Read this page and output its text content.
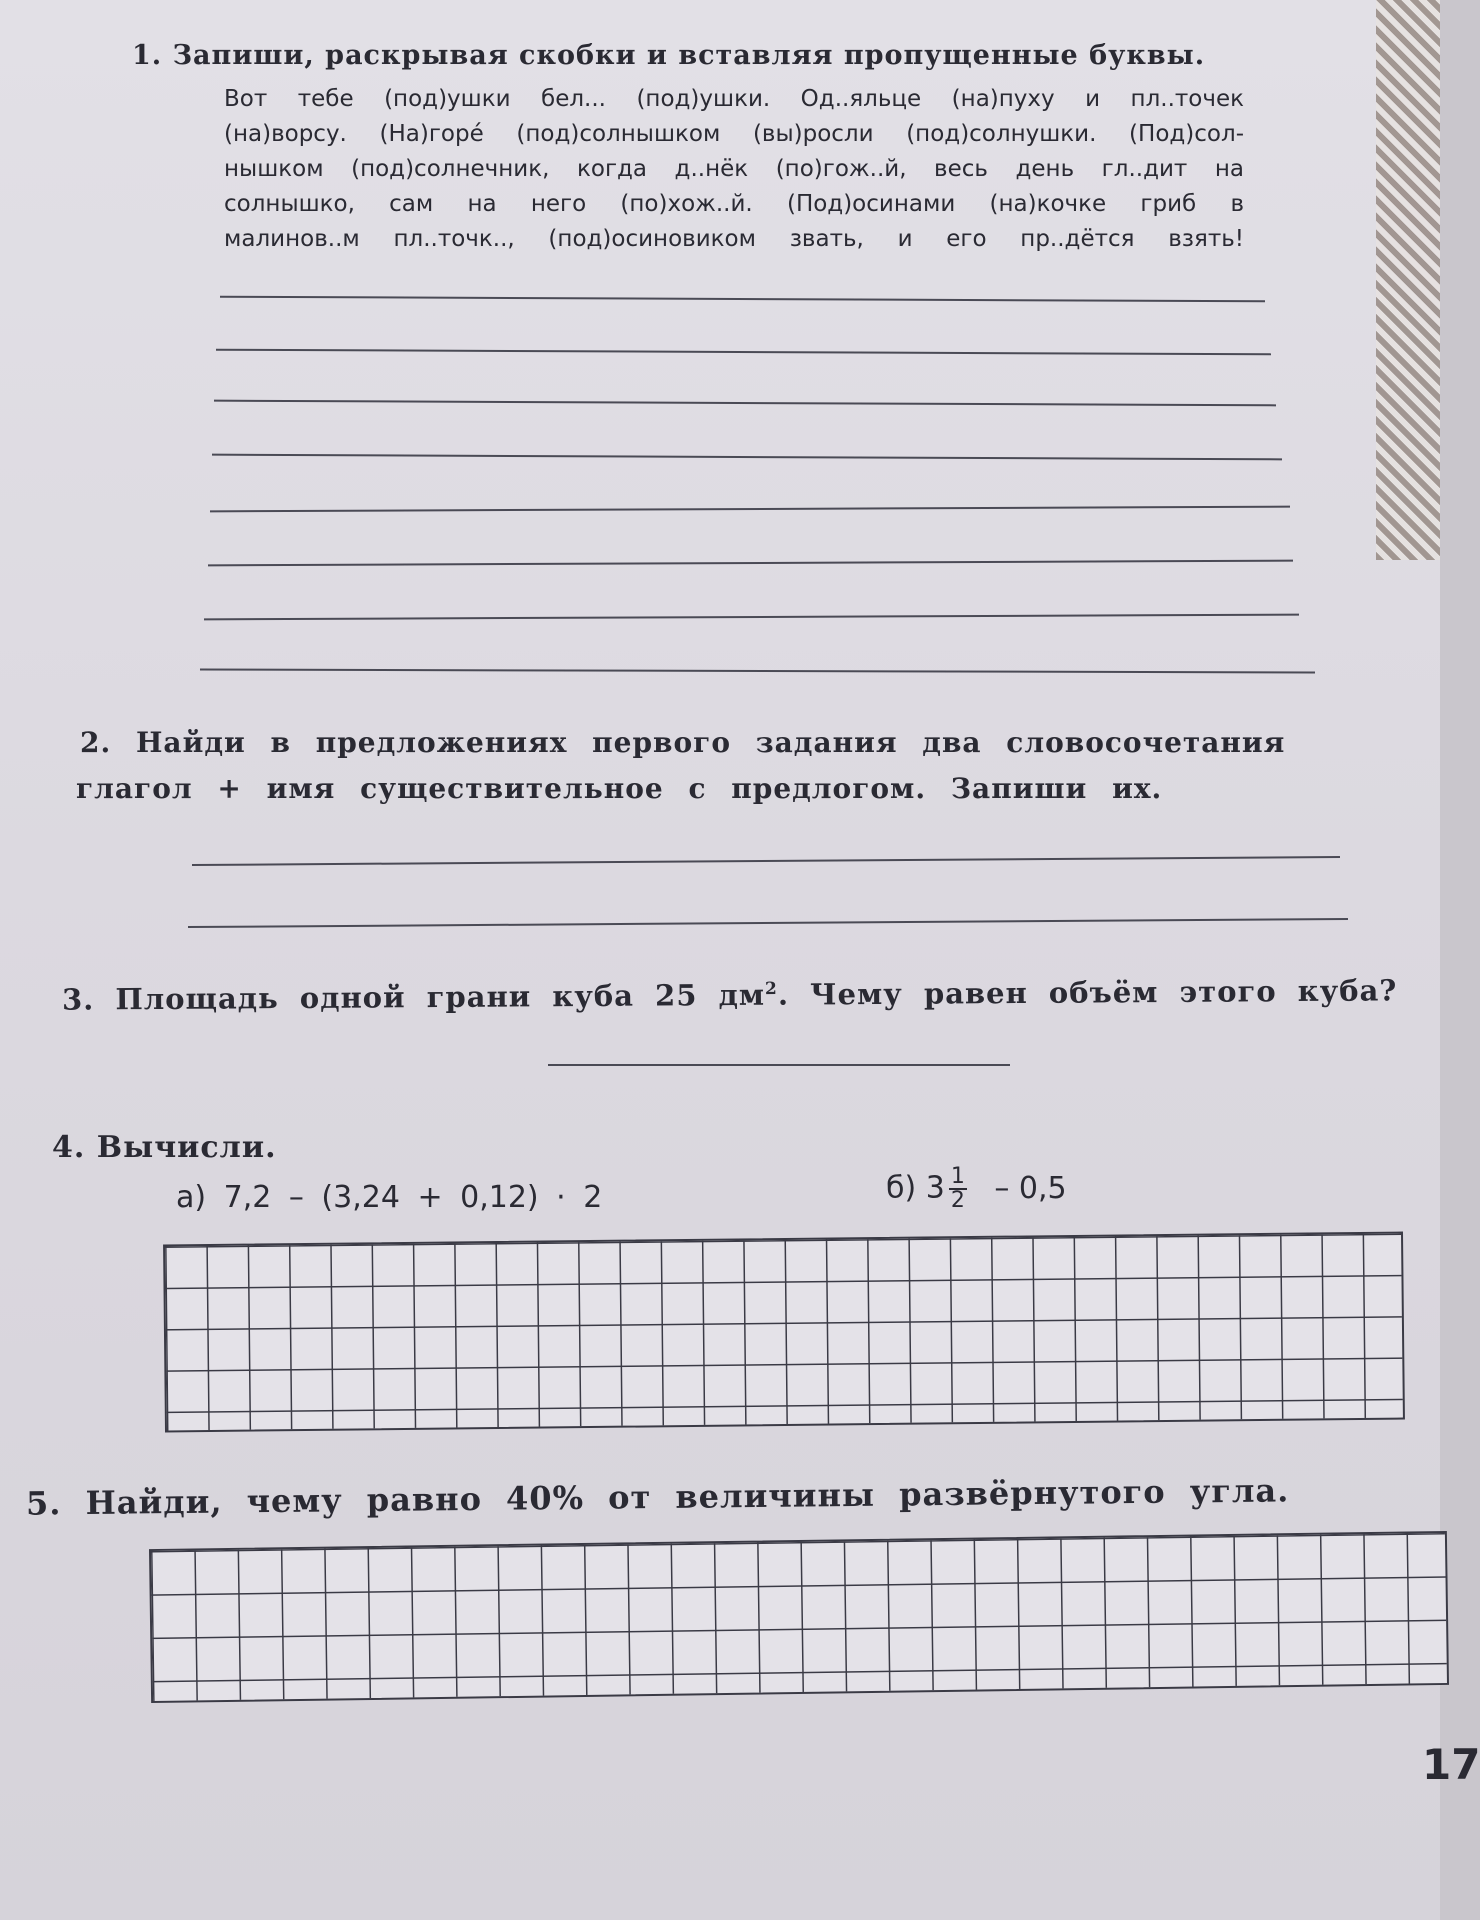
1. Запиши, раскрывая скобки и вставляя пропущенные буквы.
Вот тебе (под)ушки бел... (под)ушки. Од..яльце (на)пуху и пл..точек
(на)ворсу. (На)горé (под)солнышком (вы)росли (под)солнушки. (Под)сол-
нышком (под)солнечник, когда д..нёк (по)гож..й, весь день гл..дит на
солнышко, сам на него (по)хож..й. (Под)осинами (на)кочке гриб в
малинов..м пл..точк.., (под)осиновиком звать, и его пр..дётся взять!
2. Найди в предложениях первого задания два словосочетания
глагол + имя существительное с предлогом. Запиши их.
3. Площадь одной грани куба 25 $дм^2$. Чему равен объём этого куба?
4. Вычисли.
а) 7,2 – (3,24 + 0,12) · 2	б) $3 \frac{1}{2} - 0,5$
5. Найди, чему равно 40% от величины развёрнутого угла.
17
